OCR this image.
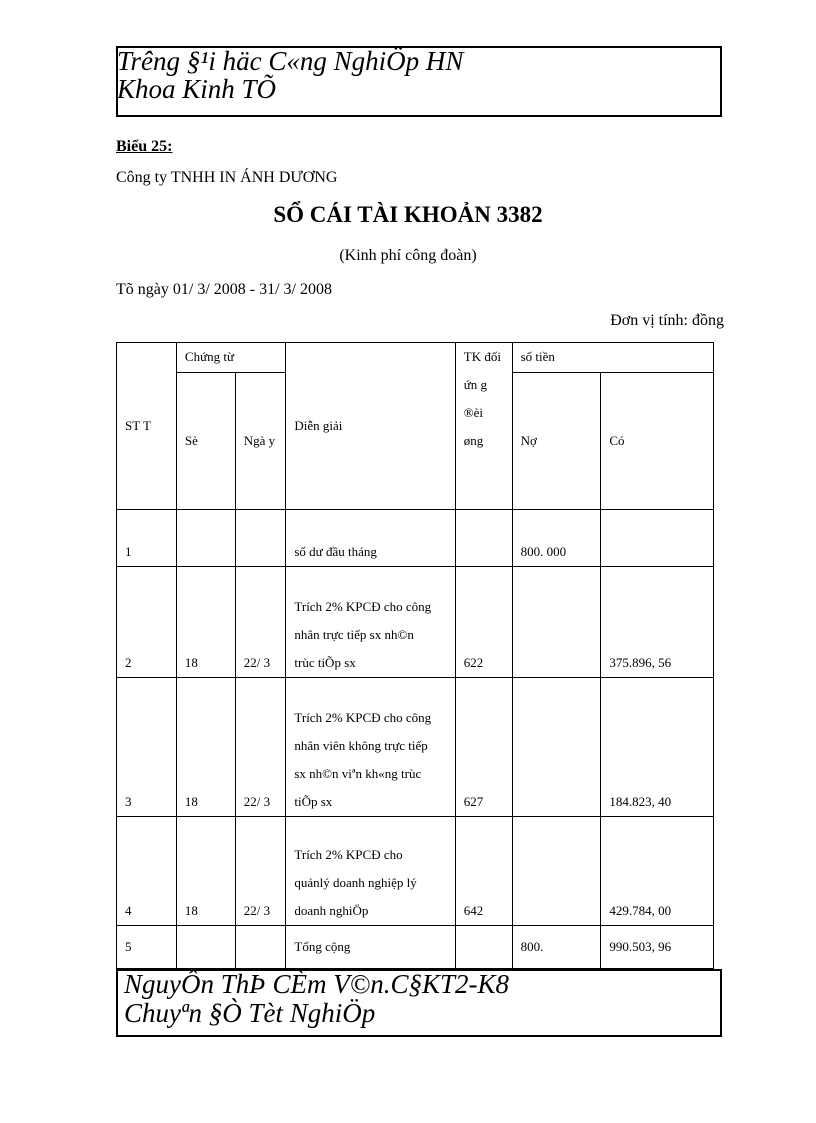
Trêng §¹i häc C«ng NghiÖp HN
Khoa Kinh TÕ
Biểu 25:
Công ty TNHH IN ÁNH DƯƠNG
SỔ CÁI TÀI KHOẢN 3382
(Kinh phí công đoàn)
Tõ ngày 01/ 3/ 2008 - 31/ 3/ 2008
Đơn vị tính: đồng
ST T	Chứng từ		Diễn giải	TK đối ứn g ®èi øng	số tiền	
	Sè	Ngà y			Nợ	Có
1			số dư đầu tháng		800. 000	
2	18	22/ 3	Trích 2% KPCĐ cho công nhân trực tiếp sx nh©n trùc tiÕp sx	622		375.896, 56
3	18	22/ 3	Trích 2% KPCĐ cho công nhân viên không trực tiếp sx nh©n viªn kh«ng trùc tiÕp sx	627		184.823, 40
4	18	22/ 3	Trích 2% KPCĐ cho quảnlý doanh nghiệp lý doanh nghiÖp	642		429.784, 00
5			Tổng cộng		800.	990.503, 96
NguyÔn ThÞ CÈm V©n.C§KT2-K8
Chuyªn §Ò Tèt NghiÖp
